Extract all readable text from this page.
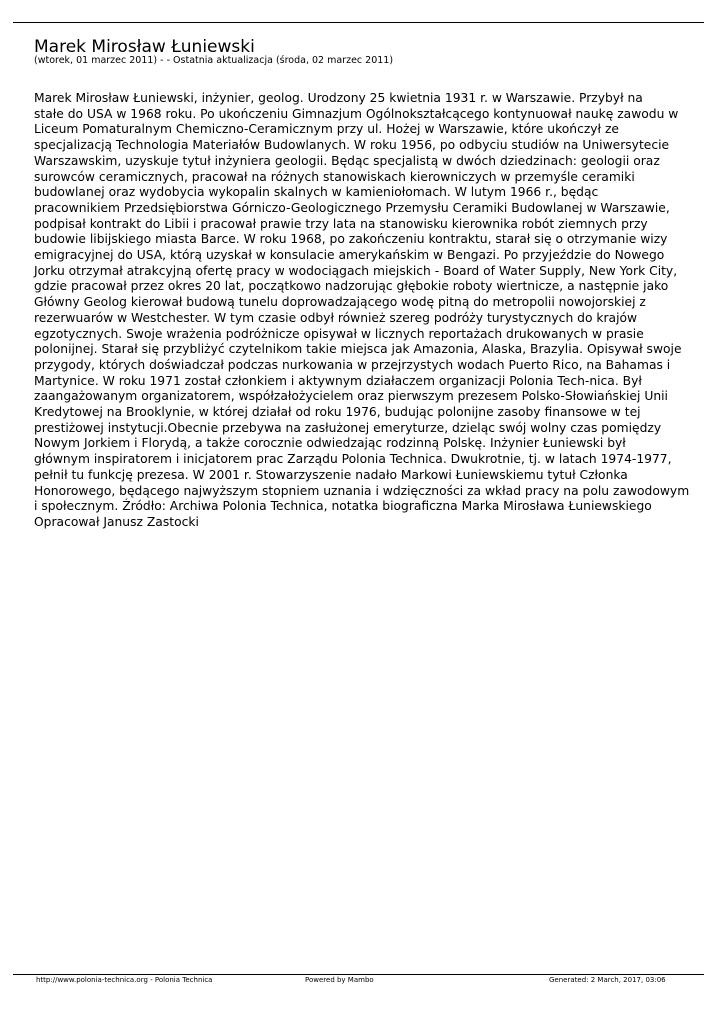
Marek Mirosław Łuniewski
(wtorek, 01 marzec 2011) - - Ostatnia aktualizacja (środa, 02 marzec 2011)

Marek Mirosław Łuniewski, inżynier, geolog. Urodzony 25 kwietnia 1931 r. w Warszawie. Przybył na
stałe do USA w 1968 roku. Po ukończeniu Gimnazjum Ogólnokształcącego kontynuował naukę zawodu w
Liceum Pomaturalnym Chemiczno-Ceramicznym przy ul. Hożej w Warszawie, które ukończył ze
specjalizacją Technologia Materiałów Budowlanych. W roku 1956, po odbyciu studiów na Uniwersytecie
Warszawskim, uzyskuje tytuł inżyniera geologii. Będąc specjalistą w dwóch dziedzinach: geologii oraz
surowców ceramicznych, pracował na różnych stanowiskach kierowniczych w przemyśle ceramiki
budowlanej oraz wydobycia wykopalin skalnych w kamieniołomach. W lutym 1966 r., będąc
pracownikiem Przedsiębiorstwa Górniczo-Geologicznego Przemysłu Ceramiki Budowlanej w Warszawie,
podpisał kontrakt do Libii i pracował prawie trzy lata na stanowisku kierownika robót ziemnych przy
budowie libijskiego miasta Barce. W roku 1968, po zakończeniu kontraktu, starał się o otrzymanie wizy
emigracyjnej do USA, którą uzyskał w konsulacie amerykańskim w Bengazi. Po przyjeździe do Nowego
Jorku otrzymał atrakcyjną ofertę pracy w wodociągach miejskich - Board of Water Supply, New York City,
gdzie pracował przez okres 20 lat, początkowo nadzorując głębokie roboty wiertnicze, a następnie jako
Główny Geolog kierował budową tunelu doprowadzającego wodę pitną do metropolii nowojorskiej z
rezerwuarów w Westchester. W tym czasie odbył również szereg podróży turystycznych do krajów
egzotycznych. Swoje wrażenia podróżnicze opisywał w licznych reportażach drukowanych w prasie
polonijnej. Starał się przybliżyć czytelnikom takie miejsca jak Amazonia, Alaska, Brazylia. Opisywał swoje
przygody, których doświadczał podczas nurkowania w przejrzystych wodach Puerto Rico, na Bahamas i
Martynice. W roku 1971 został członkiem i aktywnym działaczem organizacji Polonia Tech-nica. Był
zaangażowanym organizatorem, współzałożycielem oraz pierwszym prezesem Polsko-Słowiańskiej Unii
Kredytowej na Brooklynie, w której działał od roku 1976, budując polonijne zasoby finansowe w tej
prestiżowej instytucji.Obecnie przebywa na zasłużonej emeryturze, dzieląc swój wolny czas pomiędzy
Nowym Jorkiem i Florydą, a także corocznie odwiedzając rodzinną Polskę. Inżynier Łuniewski był
głównym inspiratorem i inicjatorem prac Zarządu Polonia Technica. Dwukrotnie, tj. w latach 1974-1977,
pełnił tu funkcję prezesa. W 2001 r. Stowarzyszenie nadało Markowi Łuniewskiemu tytuł Członka
Honorowego, będącego najwyższym stopniem uznania i wdzięczności za wkład pracy na polu zawodowym
i społecznym. Źródło: Archiwa Polonia Technica, notatka biograficzna Marka Mirosława Łuniewskiego
Opracował Janusz Zastocki

http://www.polonia-technica.org - Polonia Technica	Powered by Mambo	Generated: 2 March, 2017, 03:06
